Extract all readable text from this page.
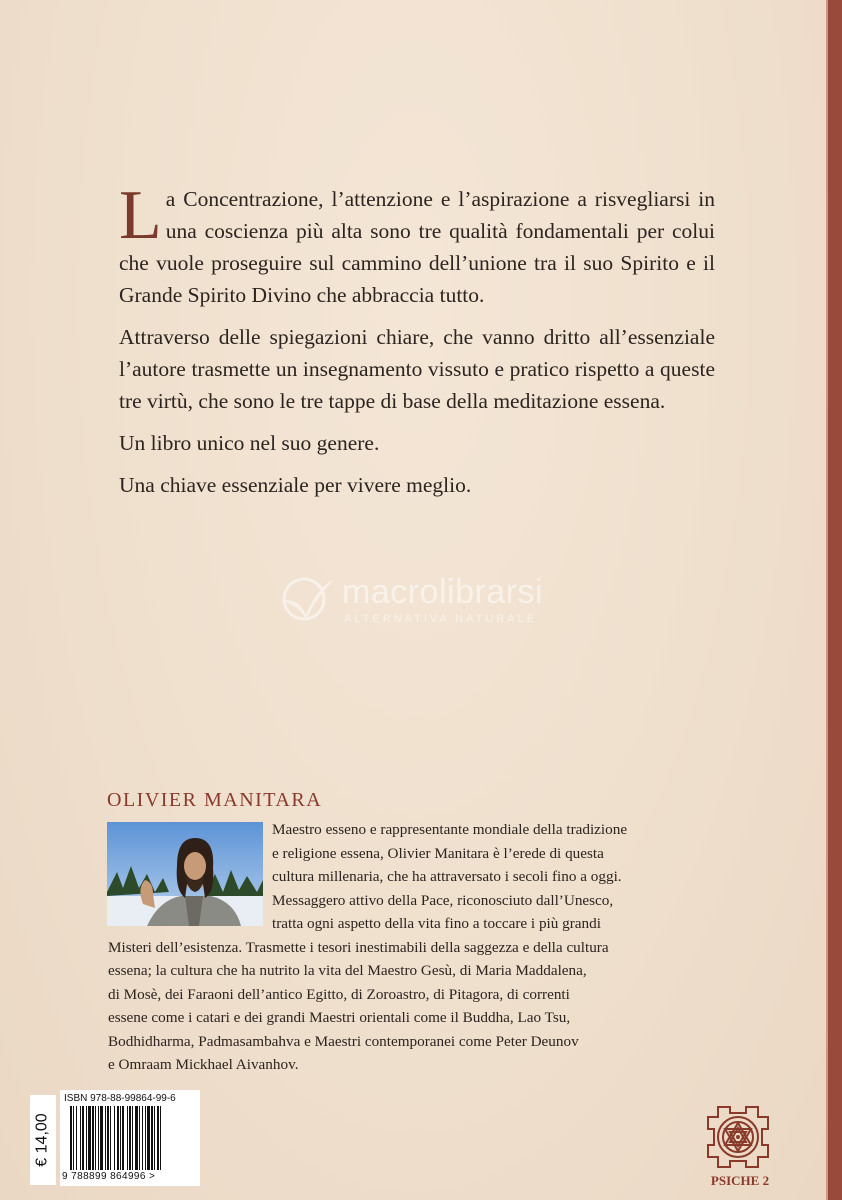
La Concentrazione, l’attenzione e l’aspirazione a risvegliarsi in una coscienza più alta sono tre qualità fondamentali per colui che vuole proseguire sul cammino dell’unione tra il suo Spirito e il Grande Spirito Divino che abbraccia tutto.

Attraverso delle spiegazioni chiare, che vanno dritto all’essenziale l’autore trasmette un insegnamento vissuto e pratico rispetto a queste tre virtù, che sono le tre tappe di base della meditazione essena.

Un libro unico nel suo genere.

Una chiave essenziale per vivere meglio.

macrolibrarsi
ALTERNATIVA NATURALE
OLIVIER MANITARA
Maestro esseno e rappresentante mondiale della tradizione
e religione essena, Olivier Manitara è l’erede di questa
cultura millenaria, che ha attraversato i secoli fino a oggi.
Messaggero attivo della Pace, riconosciuto dall’Unesco,
tratta ogni aspetto della vita fino a toccare i più grandi
Misteri dell’esistenza. Trasmette i tesori inestimabili della saggezza e della cultura
essena; la cultura che ha nutrito la vita del Maestro Gesù, di Maria Maddalena,
di Mosè, dei Faraoni dell’antico Egitto, di Zoroastro, di Pitagora, di correnti
essene come i catari e dei grandi Maestri orientali come il Buddha, Lao Tsu,
Bodhidharma, Padmasambahva e Maestri contemporanei come Peter Deunov
e Omraam Mickhael Aivanhov.
€ 14,00
ISBN 978-88-99864-99-6
9 788899 864996 >	PSICHE 2
